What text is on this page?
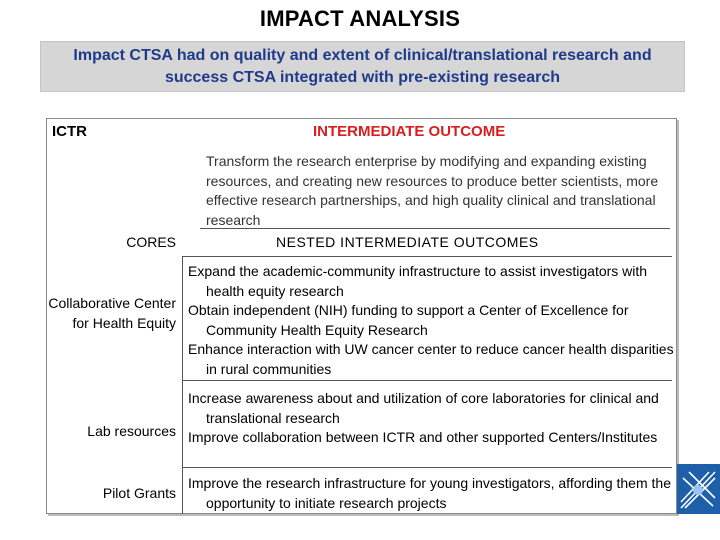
IMPACT ANALYSIS
Impact CTSA had on quality and extent of clinical/translational research and success CTSA integrated with pre-existing research
ICTR	INTERMEDIATE OUTCOME
Transform the research enterprise by modifying and expanding existing resources, and creating new resources to produce better scientists, more effective research partnerships, and high quality clinical and translational research
CORES	NESTED INTERMEDIATE OUTCOMES
Collaborative Center for Health Equity

Expand the academic-community infrastructure to assist investigators with health equity research

Obtain independent (NIH) funding to support a Center of Excellence for Community Health Equity Research

Enhance interaction with UW cancer center to reduce cancer health disparities in rural communities

Lab resources

Increase awareness about and utilization of core laboratories for clinical and translational research

Improve collaboration between ICTR and other supported Centers/Institutes

Pilot Grants

Improve the research infrastructure for young investigators, affording them the opportunity to initiate research projects
